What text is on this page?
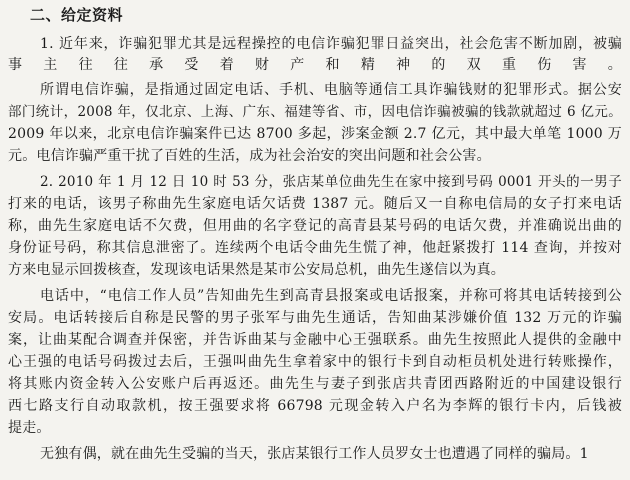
二、给定资料
1. 近年来，诈骗犯罪尤其是远程操控的电信诈骗犯罪日益突出，社会危害不断加剧，被骗
事主往往承受着财产和精神的双重伤害。
所谓电信诈骗，是指通过固定电话、手机、电脑等通信工具诈骗钱财的犯罪形式。据公安
部门统计，2008 年，仅北京、上海、广东、福建等省、市，因电信诈骗被骗的钱款就超过 6 亿元。
2009 年以来，北京电信诈骗案件已达 8700 多起，涉案金额 2.7 亿元，其中最大单笔 1000 万
元。电信诈骗严重干扰了百姓的生活，成为社会治安的突出问题和社会公害。
2. 2010 年 1 月 12 日 10 时 53 分，张店某单位曲先生在家中接到号码 0001 开头的一男子
打来的电话，该男子称曲先生家庭电话欠话费 1387 元。随后又一自称电信局的女子打来电话
称，曲先生家庭电话不欠费，但用曲的名字登记的高青县某号码的电话欠费，并准确说出曲的
身份证号码，称其信息泄密了。连续两个电话令曲先生慌了神，他赶紧拨打 114 查询，并按对
方来电显示回拨核查，发现该电话果然是某市公安局总机，曲先生遂信以为真。
电话中，“电信工作人员”告知曲先生到高青县报案或电话报案，并称可将其电话转接到公
安局。电话转接后自称是民警的男子张军与曲先生通话，告知曲某涉嫌价值 132 万元的诈骗
案，让曲某配合调查并保密，并告诉曲某与金融中心王强联系。曲先生按照此人提供的金融中
心王强的电话号码拨过去后，王强叫曲先生拿着家中的银行卡到自动柜员机处进行转账操作，
将其账内资金转入公安账户后再返还。曲先生与妻子到张店共青团西路附近的中国建设银行
西七路支行自动取款机，按王强要求将 66798 元现金转入户名为李辉的银行卡内，后钱被
提走。
无独有偶，就在曲先生受骗的当天，张店某银行工作人员罗女士也遭遇了同样的骗局。1
